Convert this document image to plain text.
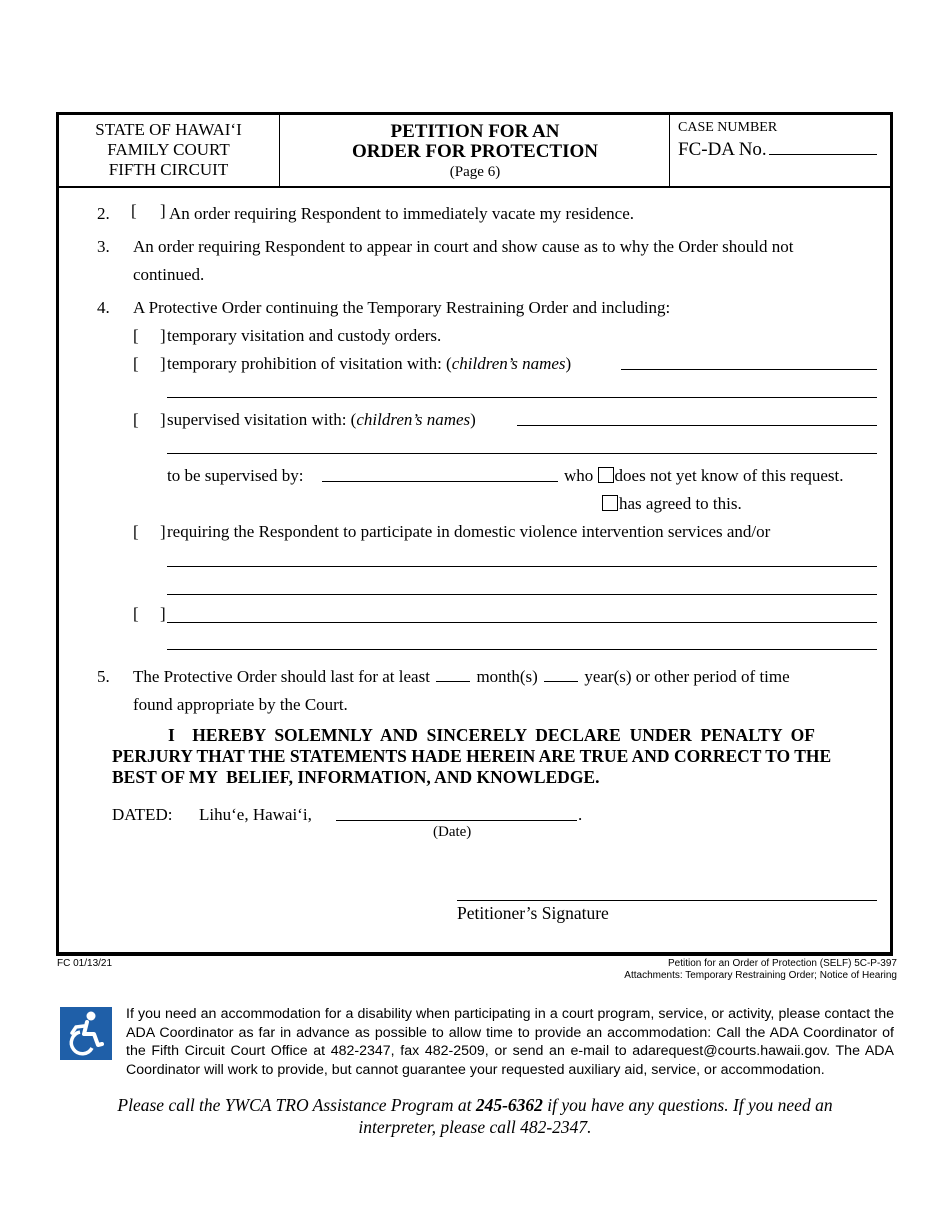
STATE OF HAWAI‘I
FAMILY COURT
FIFTH CIRCUIT
PETITION FOR AN
ORDER FOR PROTECTION
(Page 6)
CASE NUMBER
FC-DA No.
2. [ ] An order requiring Respondent to immediately vacate my residence.
3. An order requiring Respondent to appear in court and show cause as to why the Order should not
continued.
4. A Protective Order continuing the Temporary Restraining Order and including:
[ ] temporary visitation and custody orders.
[ ] temporary prohibition of visitation with: (children’s names)
[ ] supervised visitation with: (children’s names)
to be supervised by:	who does not yet know of this request.
has agreed to this.
[ ] requiring the Respondent to participate in domestic violence intervention services and/or
[ ]
5. The Protective Order should last for at least	month(s)	year(s) or other period of time
found appropriate by the Court.
I    HEREBY  SOLEMNLY  AND  SINCERELY  DECLARE  UNDER  PENALTY  OF
PERJURY THAT THE STATEMENTS HADE HEREIN ARE TRUE AND CORRECT TO THE
BEST OF MY  BELIEF, INFORMATION, AND KNOWLEDGE.
DATED: Lihu‘e, Hawai‘i,	.
(Date)
Petitioner’s Signature
FC 01/13/21	Petition for an Order of Protection (SELF) 5C-P-397
Attachments: Temporary Restraining Order; Notice of Hearing
If you need an accommodation for a disability when participating in a court program, service, or activity, please contact the ADA Coordinator as far in advance as possible to allow time to provide an accommodation: Call the ADA Coordinator of the Fifth Circuit Court Office at 482-2347, fax 482-2509, or send an e-mail to adarequest@courts.hawaii.gov. The ADA Coordinator will work to provide, but cannot guarantee your requested auxiliary aid, service, or accommodation.
Please call the YWCA TRO Assistance Program at 245-6362 if you have any questions. If you need an
interpreter, please call 482-2347.
